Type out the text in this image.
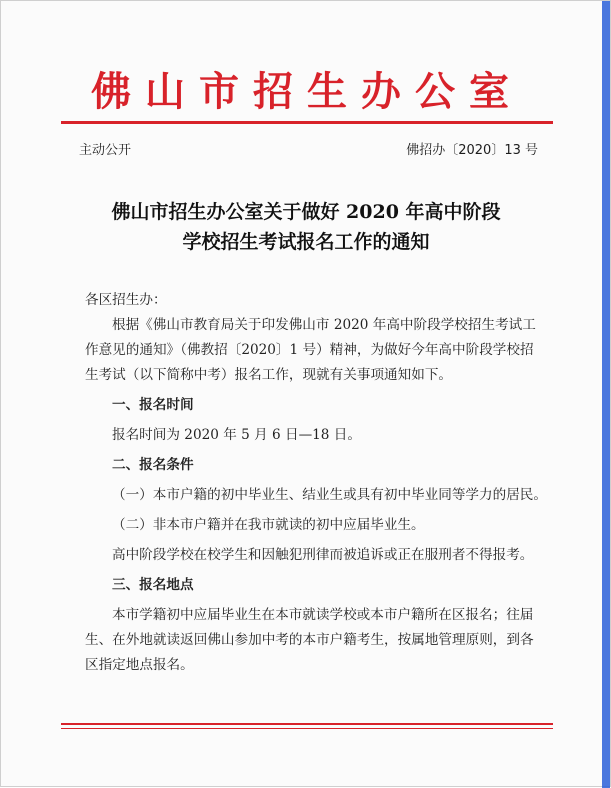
佛山市招生办公室
主动公开	佛招办〔2020〕13 号
佛山市招生办公室关于做好 2020 年高中阶段
学校招生考试报名工作的通知

各区招生办：

根据《佛山市教育局关于印发佛山市 2020 年高中阶段学校招生考试工作意见的通知》（佛教招〔2020〕1 号）精神，为做好今年高中阶段学校招生考试（以下简称中考）报名工作，现就有关事项通知如下。

一、报名时间

报名时间为 2020 年 5 月 6 日—18 日。

二、报名条件

（一）本市户籍的初中毕业生、结业生或具有初中毕业同等学力的居民。

（二）非本市户籍并在我市就读的初中应届毕业生。

高中阶段学校在校学生和因触犯刑律而被追诉或正在服刑者不得报考。

三、报名地点

本市学籍初中应届毕业生在本市就读学校或本市户籍所在区报名；往届生、在外地就读返回佛山参加中考的本市户籍考生，按属地管理原则，到各区指定地点报名。
